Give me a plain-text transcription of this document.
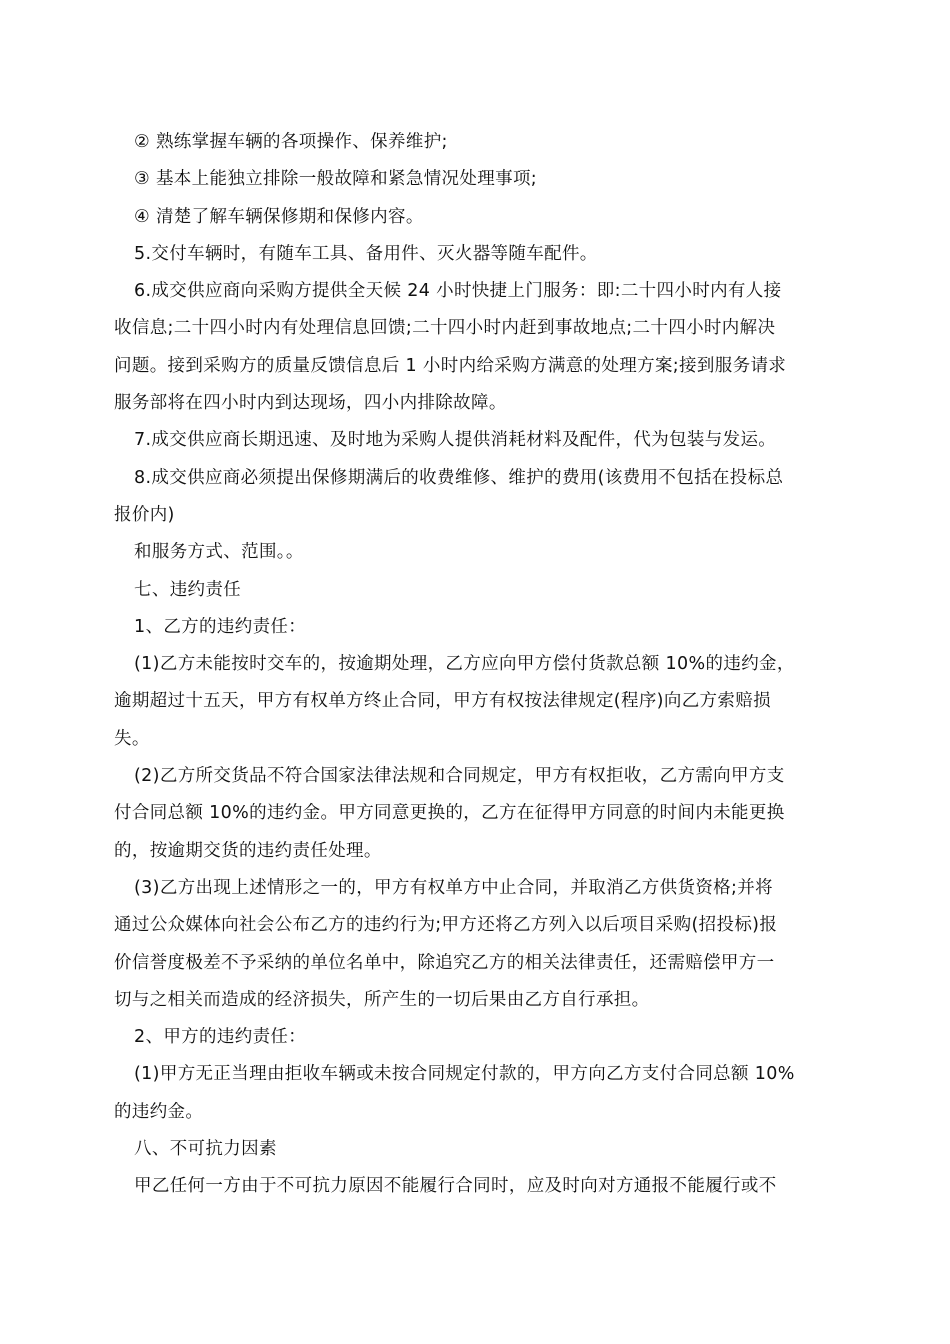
② 熟练掌握车辆的各项操作、保养维护;
③ 基本上能独立排除一般故障和紧急情况处理事项;
④ 清楚了解车辆保修期和保修内容。
5.交付车辆时，有随车工具、备用件、灭火器等随车配件。
6.成交供应商向采购方提供全天候 24 小时快捷上门服务：即:二十四小时内有人接
收信息;二十四小时内有处理信息回馈;二十四小时内赶到事故地点;二十四小时内解决
问题。接到采购方的质量反馈信息后 1 小时内给采购方满意的处理方案;接到服务请求
服务部将在四小时内到达现场，四小内排除故障。
7.成交供应商长期迅速、及时地为采购人提供消耗材料及配件，代为包装与发运。
8.成交供应商必须提出保修期满后的收费维修、维护的费用(该费用不包括在投标总
报价内)
和服务方式、范围。。
七、违约责任
1、乙方的违约责任：
(1)乙方未能按时交车的，按逾期处理，乙方应向甲方偿付货款总额 10%的违约金，
逾期超过十五天，甲方有权单方终止合同，甲方有权按法律规定(程序)向乙方索赔损
失。
(2)乙方所交货品不符合国家法律法规和合同规定，甲方有权拒收，乙方需向甲方支
付合同总额 10%的违约金。甲方同意更换的，乙方在征得甲方同意的时间内未能更换
的，按逾期交货的违约责任处理。
(3)乙方出现上述情形之一的，甲方有权单方中止合同，并取消乙方供货资格;并将
通过公众媒体向社会公布乙方的违约行为;甲方还将乙方列入以后项目采购(招投标)报
价信誉度极差不予采纳的单位名单中，除追究乙方的相关法律责任，还需赔偿甲方一
切与之相关而造成的经济损失，所产生的一切后果由乙方自行承担。
2、甲方的违约责任：
(1)甲方无正当理由拒收车辆或未按合同规定付款的，甲方向乙方支付合同总额 10%
的违约金。
八、不可抗力因素
甲乙任何一方由于不可抗力原因不能履行合同时，应及时向对方通报不能履行或不
